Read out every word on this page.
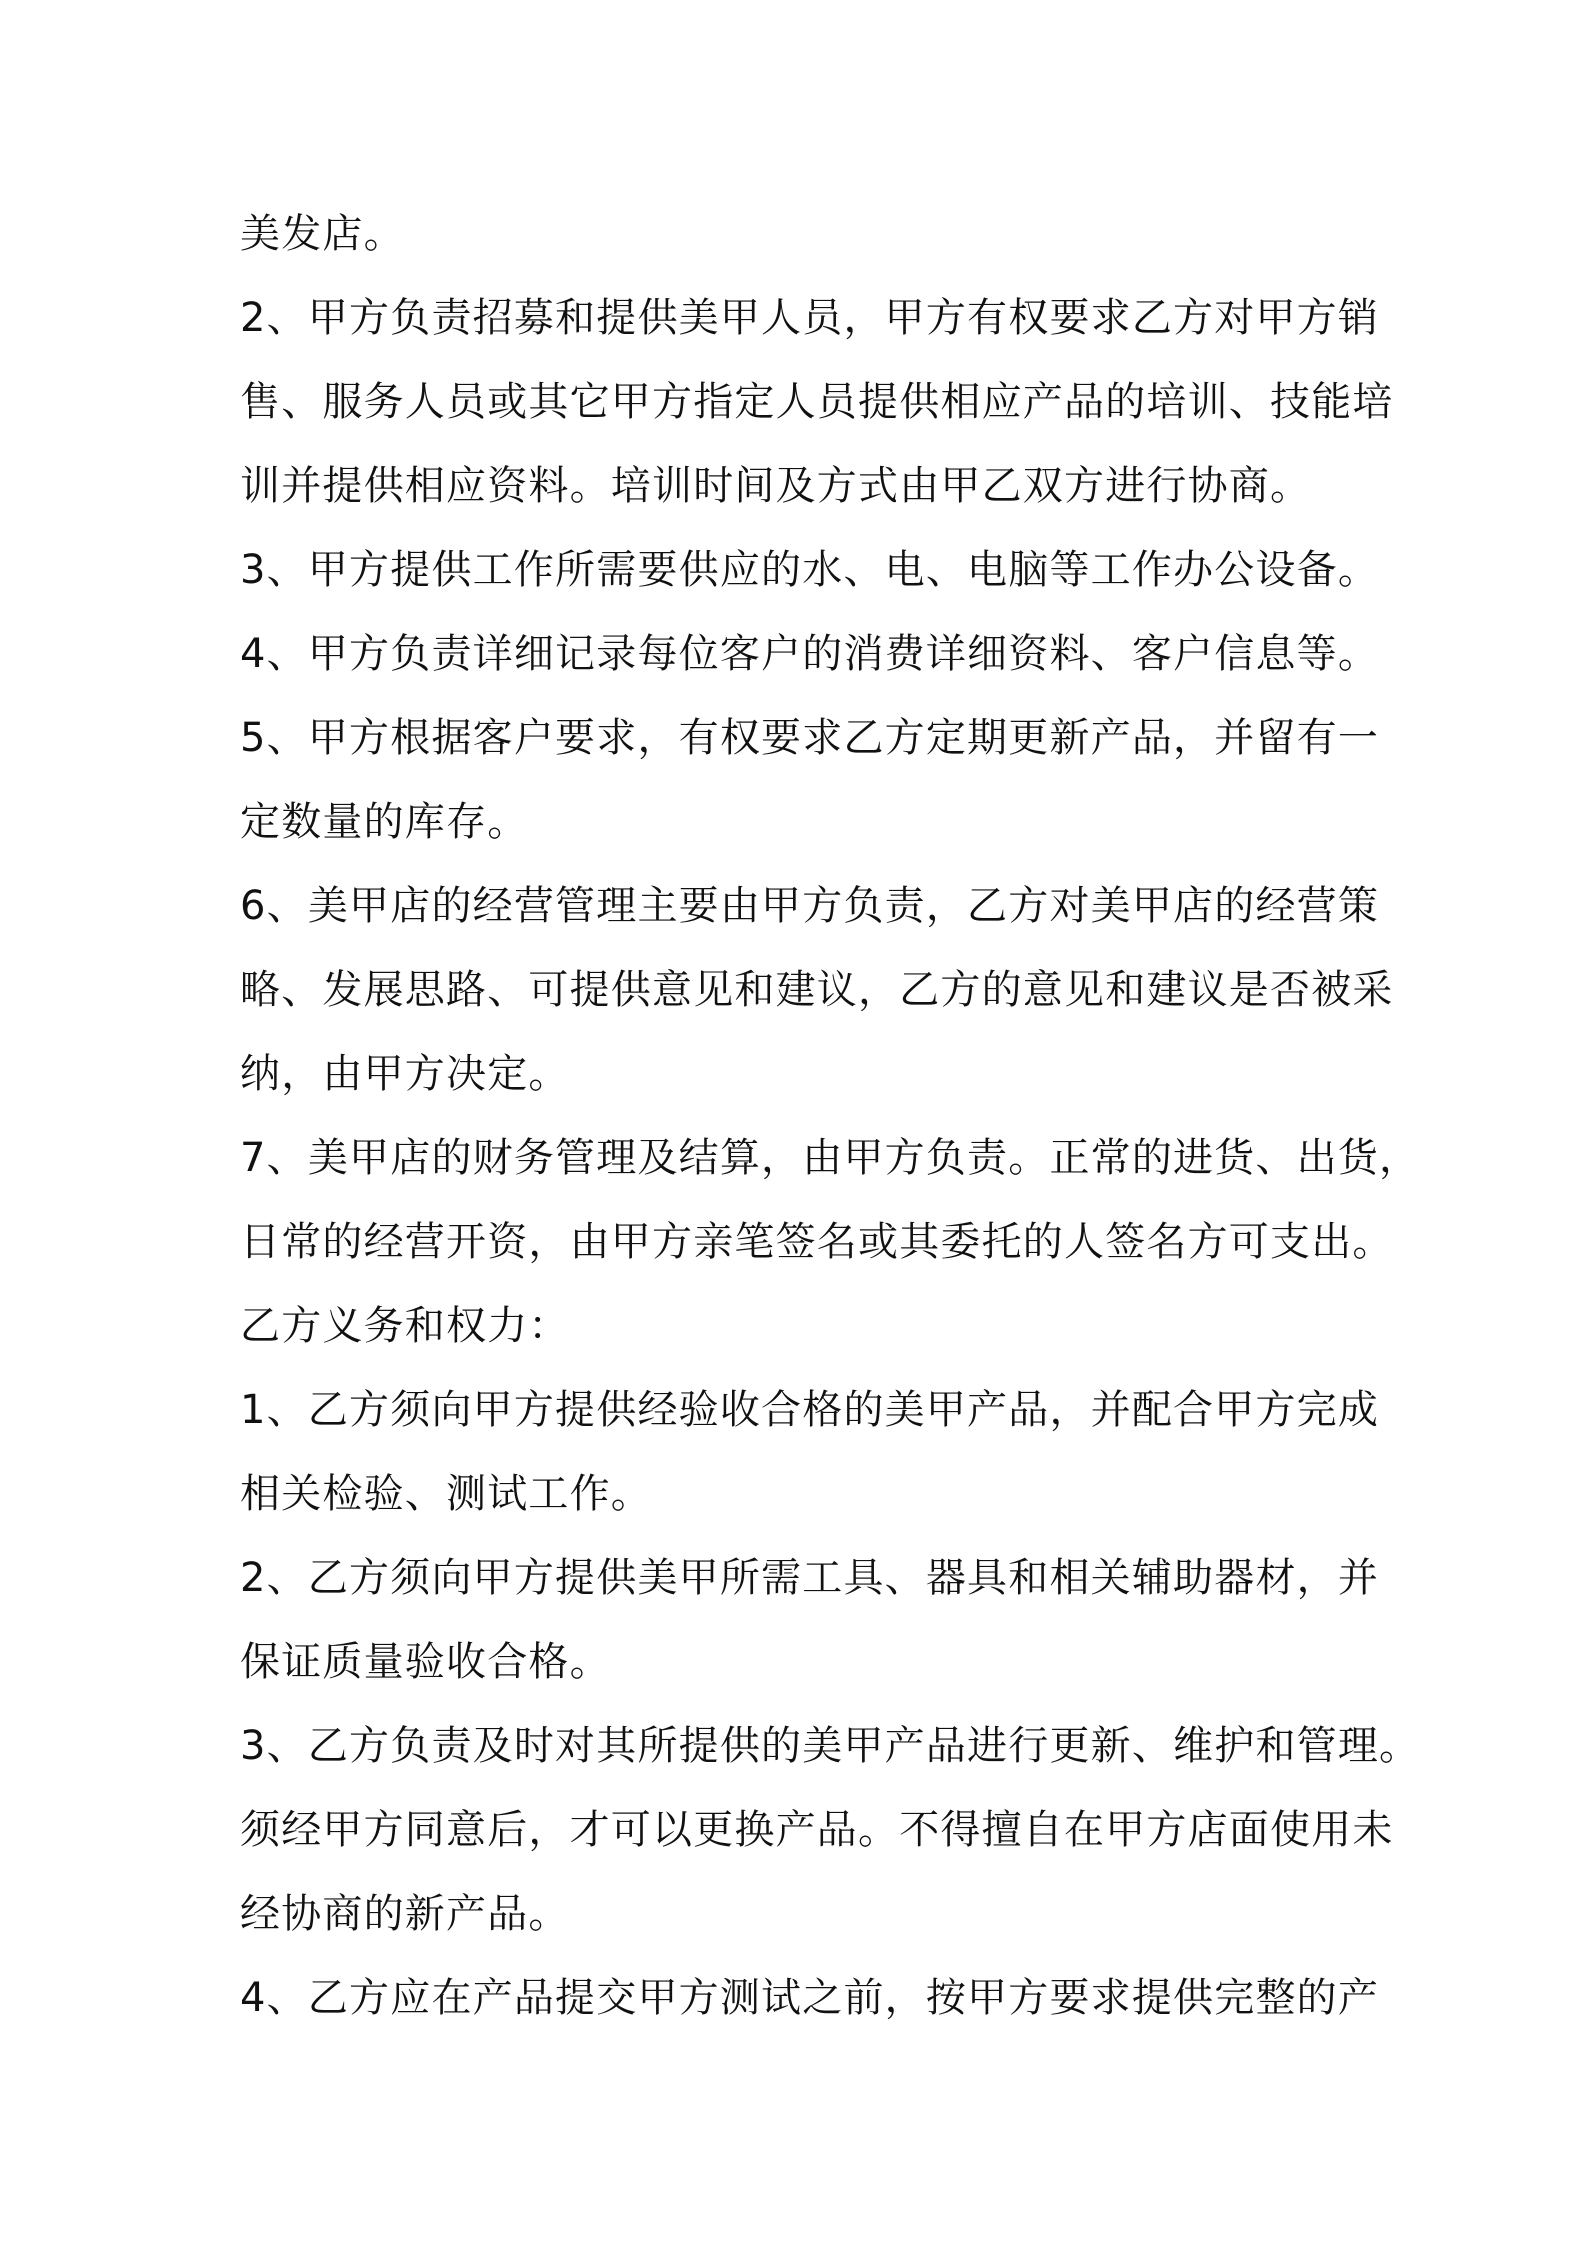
美发店。
2、甲方负责招募和提供美甲人员，甲方有权要求乙方对甲方销
售、服务人员或其它甲方指定人员提供相应产品的培训、技能培
训并提供相应资料。培训时间及方式由甲乙双方进行协商。
3、甲方提供工作所需要供应的水、电、电脑等工作办公设备。
4、甲方负责详细记录每位客户的消费详细资料、客户信息等。
5、甲方根据客户要求，有权要求乙方定期更新产品，并留有一
定数量的库存。
6、美甲店的经营管理主要由甲方负责，乙方对美甲店的经营策
略、发展思路、可提供意见和建议，乙方的意见和建议是否被采
纳，由甲方决定。
7、美甲店的财务管理及结算，由甲方负责。正常的进货、出货，
日常的经营开资，由甲方亲笔签名或其委托的人签名方可支出。
乙方义务和权力：
1、乙方须向甲方提供经验收合格的美甲产品，并配合甲方完成
相关检验、测试工作。
2、乙方须向甲方提供美甲所需工具、器具和相关辅助器材，并
保证质量验收合格。
3、乙方负责及时对其所提供的美甲产品进行更新、维护和管理。
须经甲方同意后，才可以更换产品。不得擅自在甲方店面使用未
经协商的新产品。
4、乙方应在产品提交甲方测试之前，按甲方要求提供完整的产
